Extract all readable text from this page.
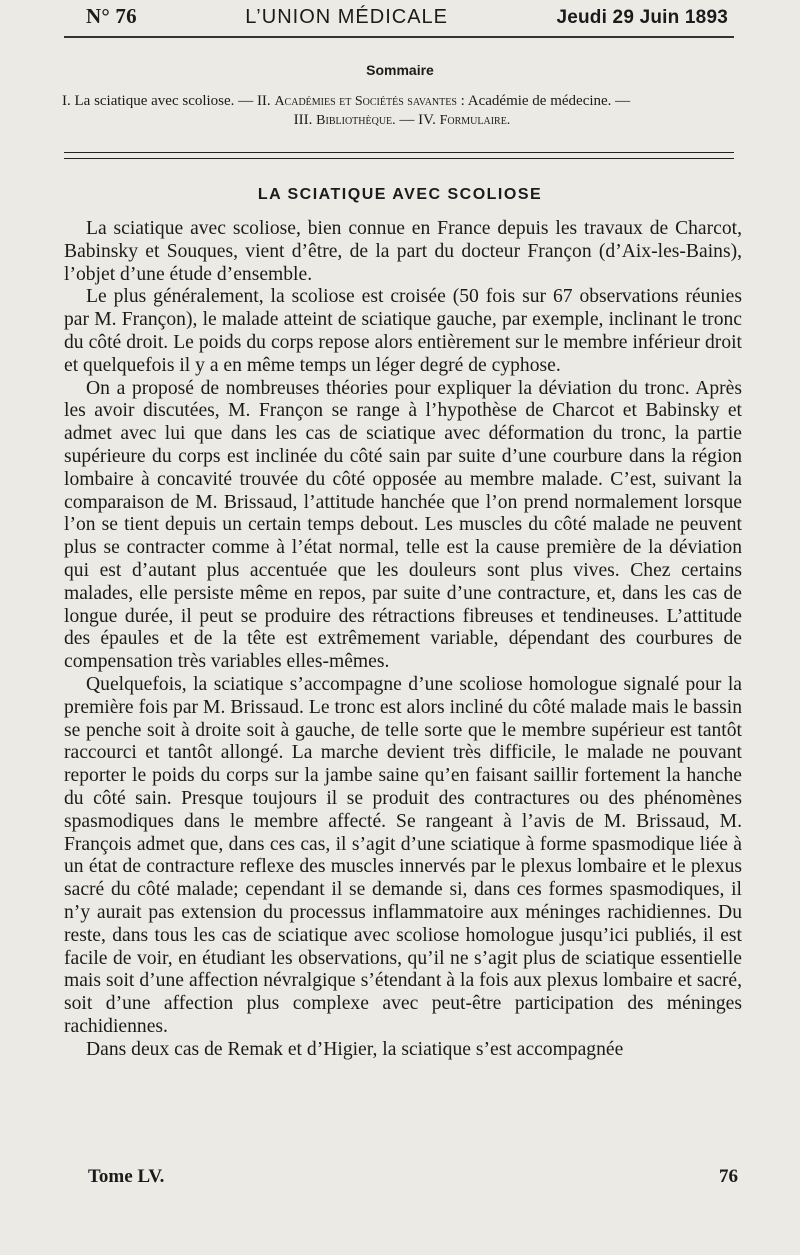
N° 76	L’UNION MÉDICALE	Jeudi 29 Juin 1893
Sommaire
I. La sciatique avec scoliose. — II. Académies et Sociétés savantes : Académie de médecine. —
III. Bibliothèque. — IV. Formulaire.
LA SCIATIQUE AVEC SCOLIOSE

La sciatique avec scoliose, bien connue en France depuis les travaux de Charcot, Babinsky et Souques, vient d’être, de la part du docteur Françon (d’Aix-les-Bains), l’objet d’une étude d’ensemble.

Le plus généralement, la scoliose est croisée (50 fois sur 67 observations réunies par M. Françon), le malade atteint de sciatique gauche, par exemple, inclinant le tronc du côté droit. Le poids du corps repose alors entièrement sur le membre inférieur droit et quelquefois il y a en même temps un léger degré de cyphose.

On a proposé de nombreuses théories pour expliquer la déviation du tronc. Après les avoir discutées, M. Françon se range à l’hypothèse de Charcot et Babinsky et admet avec lui que dans les cas de sciatique avec déformation du tronc, la partie supérieure du corps est inclinée du côté sain par suite d’une courbure dans la région lombaire à concavité trouvée du côté opposée au membre malade. C’est, suivant la comparaison de M. Brissaud, l’attitude hanchée que l’on prend normalement lorsque l’on se tient depuis un certain temps debout. Les muscles du côté malade ne peuvent plus se contracter comme à l’état normal, telle est la cause première de la déviation qui est d’autant plus accentuée que les douleurs sont plus vives. Chez certains malades, elle persiste même en repos, par suite d’une contracture, et, dans les cas de longue durée, il peut se produire des rétractions fibreuses et tendineuses. L’attitude des épaules et de la tête est extrêmement variable, dépendant des courbures de compensation très variables elles-mêmes.

Quelquefois, la sciatique s’accompagne d’une scoliose homologue signalé pour la première fois par M. Brissaud. Le tronc est alors incliné du côté malade mais le bassin se penche soit à droite soit à gauche, de telle sorte que le membre supérieur est tantôt raccourci et tantôt allongé. La marche devient très difficile, le malade ne pouvant reporter le poids du corps sur la jambe saine qu’en faisant saillir fortement la hanche du côté sain. Presque toujours il se produit des contractures ou des phénomènes spasmodiques dans le membre affecté. Se rangeant à l’avis de M. Brissaud, M. François admet que, dans ces cas, il s’agit d’une sciatique à forme spasmodique liée à un état de contracture reflexe des muscles innervés par le plexus lombaire et le plexus sacré du côté malade; cependant il se demande si, dans ces formes spasmodiques, il n’y aurait pas extension du processus inflammatoire aux méninges rachidiennes. Du reste, dans tous les cas de sciatique avec scoliose homologue jusqu’ici publiés, il est facile de voir, en étudiant les observations, qu’il ne s’agit plus de sciatique essentielle mais soit d’une affection névralgique s’étendant à la fois aux plexus lombaire et sacré, soit d’une affection plus complexe avec peut-être participation des méninges rachidiennes.

Dans deux cas de Remak et d’Higier, la sciatique s’est accompagnée

Tome LV.	76
